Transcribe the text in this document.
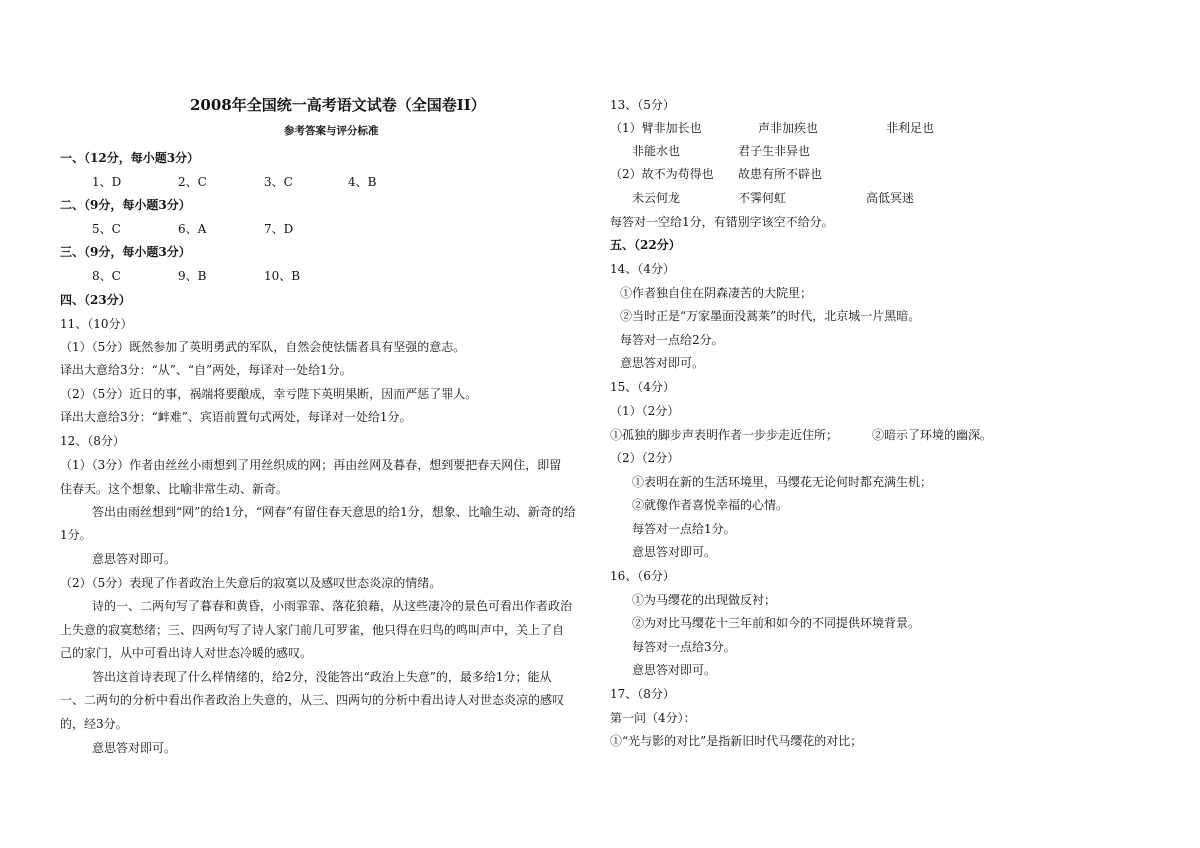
2008年全国统一高考语文试卷（全国卷II）
参考答案与评分标准
一、（12分，每小题3分）
1、D	2、C	3、C	4、B
二、（9分，每小题3分）
5、C	6、A	7、D
三、（9分，每小题3分）
8、C	9、B	10、B
四、（23分）
11、（10分）
（1）（5分）既然参加了英明勇武的军队，自然会使怯懦者具有坚强的意志。
译出大意给3分：“从”、“自”两处，每译对一处给1分。
（2）（5分）近日的事，祸端将要酿成，幸亏陛下英明果断，因而严惩了罪人。
译出大意给3分：“衅难”、宾语前置句式两处，每译对一处给1分。
12、（8分）
（1）（3分）作者由丝丝小雨想到了用丝织成的网；再由丝网及暮春，想到要把春天网住，即留
住春天。这个想象、比喻非常生动、新奇。
答出由雨丝想到“网”的给1分，“网春”有留住春天意思的给1分，想象、比喻生动、新奇的给
1分。
意思答对即可。
（2）（5分）表现了作者政治上失意后的寂寞以及感叹世态炎凉的情绪。
诗的一、二两句写了暮春和黄昏，小雨霏霏、落花狼藉，从这些凄冷的景色可看出作者政治
上失意的寂寞愁绪；三、四两句写了诗人家门前几可罗雀，他只得在归鸟的鸣叫声中，关上了自
己的家门，从中可看出诗人对世态冷暖的感叹。
答出这首诗表现了什么样情绪的，给2分，没能答出“政治上失意”的，最多给1分；能从
一、二两句的分析中看出作者政治上失意的，从三、四两句的分析中看出诗人对世态炎凉的感叹
的，经3分。
意思答对即可。
13、（5分）
（1）臂非加长也	声非加疾也	非利足也
非能水也	君子生非异也
（2）故不为苟得也 故患有所不辟也
未云何龙	不霁何虹	高低冥迷
每答对一空给1分，有错别字该空不给分。
五、（22分）
14、（4分）
①作者独自住在阴森凄苦的大院里；
②当时正是“万家墨面没蒿莱”的时代，北京城一片黑暗。
每答对一点给2分。
意思答对即可。
15、（4分）
（1）（2分）
①孤独的脚步声表明作者一步步走近住所；	②暗示了环境的幽深。
（2）（2分）
①表明在新的生活环境里，马缨花无论何时都充满生机；
②就像作者喜悦幸福的心情。
每答对一点给1分。
意思答对即可。
16、（6分）
①为马缨花的出现做反衬；
②为对比马缨花十三年前和如今的不同提供环境背景。
每答对一点给3分。
意思答对即可。
17、（8分）
第一问（4分）：
①“光与影的对比”是指新旧时代马缨花的对比；
